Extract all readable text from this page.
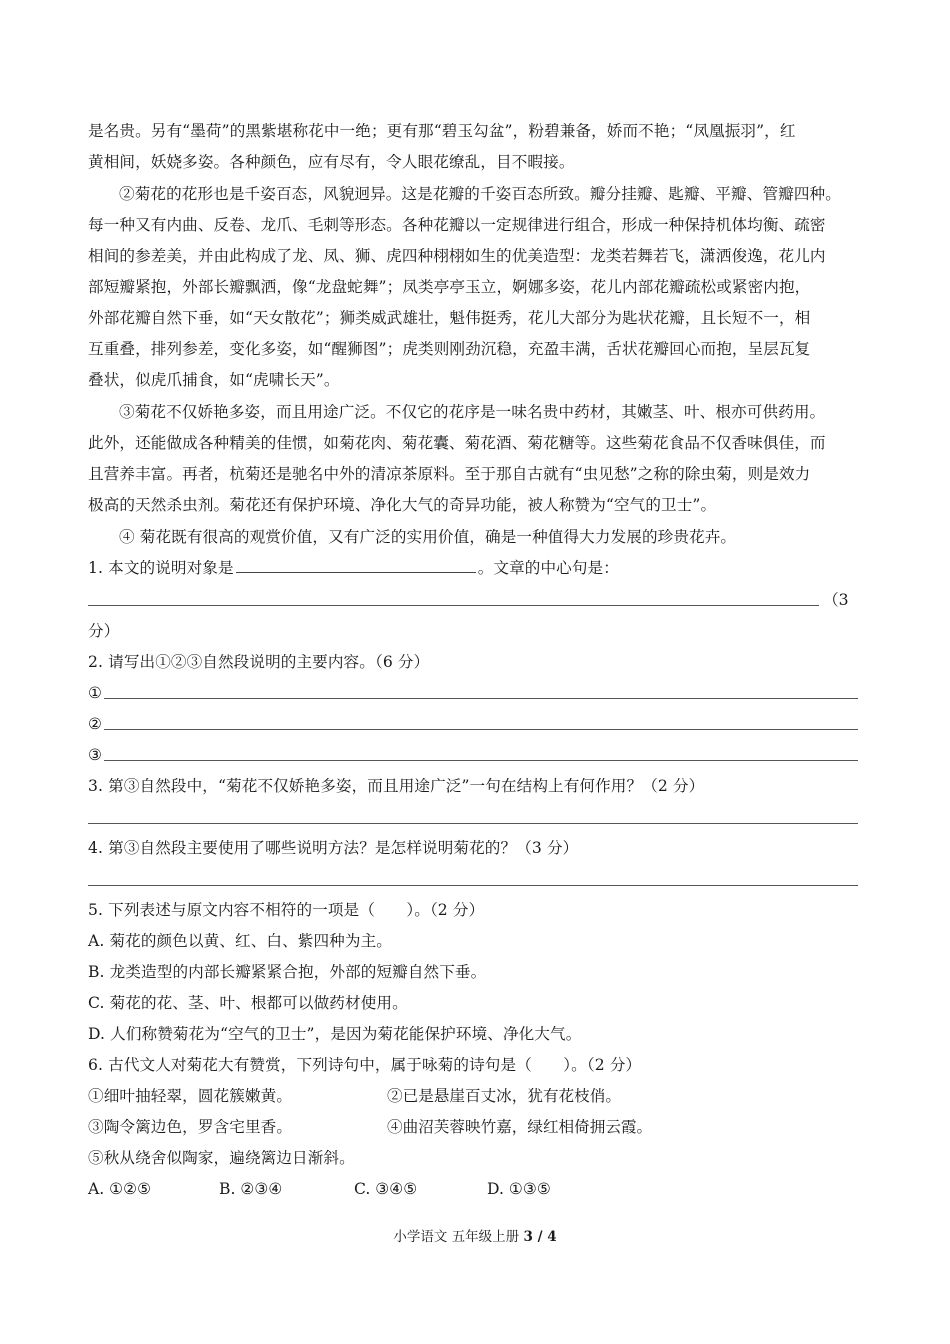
是名贵。另有“墨荷”的黑紫堪称花中一绝；更有那“碧玉勾盆”，粉碧兼备，娇而不艳；“凤凰振羽”，红
黄相间，妖娆多姿。各种颜色，应有尽有，令人眼花缭乱，目不暇接。
②菊花的花形也是千姿百态，风貌迥异。这是花瓣的千姿百态所致。瓣分挂瓣、匙瓣、平瓣、管瓣四种。
每一种又有内曲、反卷、龙爪、毛刺等形态。各种花瓣以一定规律进行组合，形成一种保持机体均衡、疏密
相间的参差美，并由此构成了龙、凤、狮、虎四种栩栩如生的优美造型：龙类若舞若飞，潇洒俊逸，花儿内
部短瓣紧抱，外部长瓣飘洒，像“龙盘蛇舞”；凤类亭亭玉立，婀娜多姿，花儿内部花瓣疏松或紧密内抱，
外部花瓣自然下垂，如“天女散花”；狮类威武雄壮，魁伟挺秀，花儿大部分为匙状花瓣，且长短不一，相
互重叠，排列参差，变化多姿，如“醒狮图”；虎类则刚劲沉稳，充盈丰满，舌状花瓣回心而抱，呈层瓦复
叠状，似虎爪捕食，如“虎啸长天”。
③菊花不仅娇艳多姿，而且用途广泛。不仅它的花序是一味名贵中药材，其嫩茎、叶、根亦可供药用。
此外，还能做成各种精美的佳惯，如菊花肉、菊花囊、菊花酒、菊花糖等。这些菊花食品不仅香味俱佳，而
且营养丰富。再者，杭菊还是驰名中外的清凉茶原料。至于那自古就有“虫见愁”之称的除虫菊，则是效力
极高的天然杀虫剂。菊花还有保护环境、净化大气的奇异功能，被人称赞为“空气的卫士”。
④ 菊花既有很高的观赏价值，又有广泛的实用价值，确是一种值得大力发展的珍贵花卉。
1. 本文的说明对象是	。文章的中心句是：
（3
分）
2. 请写出①②③自然段说明的主要内容。（6 分）
①
②
③
3. 第③自然段中，“菊花不仅娇艳多姿，而且用途广泛”一句在结构上有何作用？（2 分）
4. 第③自然段主要使用了哪些说明方法？是怎样说明菊花的？（3 分）
5. 下列表述与原文内容不相符的一项是（　　）。（2 分）
A. 菊花的颜色以黄、红、白、紫四种为主。
B. 龙类造型的内部长瓣紧紧合抱，外部的短瓣自然下垂。
C. 菊花的花、茎、叶、根都可以做药材使用。
D. 人们称赞菊花为“空气的卫士”，是因为菊花能保护环境、净化大气。
6. 古代文人对菊花大有赞赏，下列诗句中，属于咏菊的诗句是（　　）。（2 分）
①细叶抽轻翠，圆花簇嫩黄。	②已是悬崖百丈冰，犹有花枝俏。
③陶令篱边色，罗含宅里香。	④曲沼芙蓉映竹嘉，绿红相倚拥云霞。
⑤秋从绕舍似陶家，遍绕篱边日渐斜。
A. ①②⑤	B. ②③④	C. ③④⑤	D. ①③⑤
小学语文 五年级上册 3 / 4
